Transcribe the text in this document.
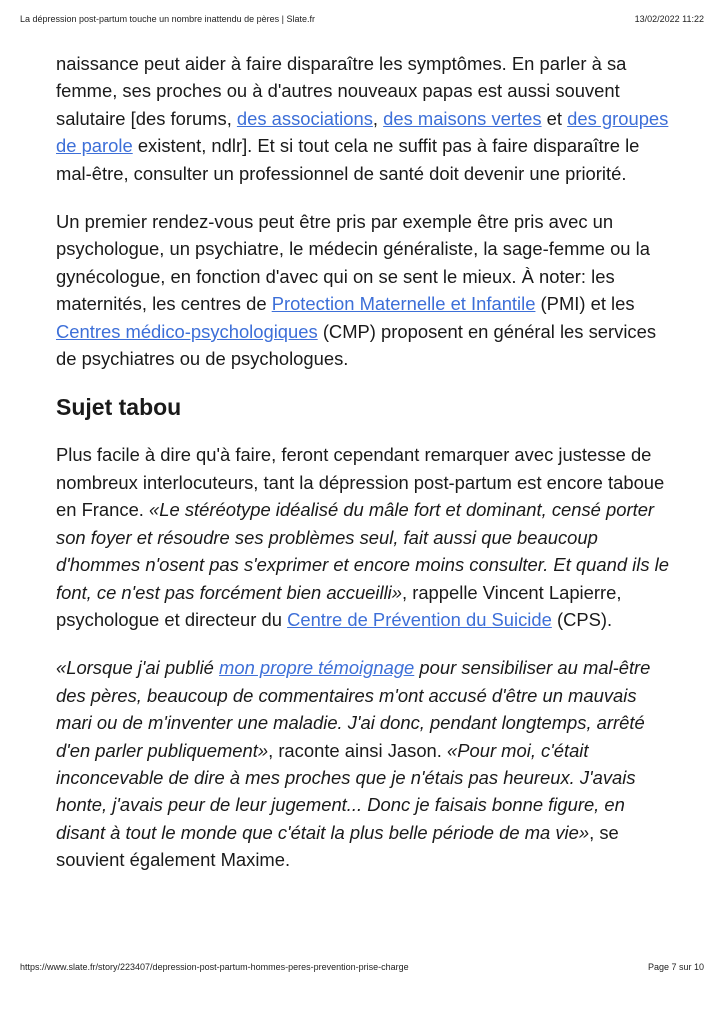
La dépression post-partum touche un nombre inattendu de pères | Slate.fr	13/02/2022 11:22

naissance peut aider à faire disparaître les symptômes. En parler à sa femme, ses proches ou à d'autres nouveaux papas est aussi souvent salutaire [des forums, des associations, des maisons vertes et des groupes de parole existent, ndlr]. Et si tout cela ne suffit pas à faire disparaître le mal-être, consulter un professionnel de santé doit devenir une priorité.

Un premier rendez-vous peut être pris par exemple être pris avec un psychologue, un psychiatre, le médecin généraliste, la sage-femme ou la gynécologue, en fonction d'avec qui on se sent le mieux. À noter: les maternités, les centres de Protection Maternelle et Infantile (PMI) et les Centres médico-psychologiques (CMP) proposent en général les services de psychiatres ou de psychologues.

Sujet tabou

Plus facile à dire qu'à faire, feront cependant remarquer avec justesse de nombreux interlocuteurs, tant la dépression post-partum est encore taboue en France. «Le stéréotype idéalisé du mâle fort et dominant, censé porter son foyer et résoudre ses problèmes seul, fait aussi que beaucoup d'hommes n'osent pas s'exprimer et encore moins consulter. Et quand ils le font, ce n'est pas forcément bien accueilli», rappelle Vincent Lapierre, psychologue et directeur du Centre de Prévention du Suicide (CPS).

«Lorsque j'ai publié mon propre témoignage pour sensibiliser au mal-être des pères, beaucoup de commentaires m'ont accusé d'être un mauvais mari ou de m'inventer une maladie. J'ai donc, pendant longtemps, arrêté d'en parler publiquement», raconte ainsi Jason. «Pour moi, c'était inconcevable de dire à mes proches que je n'étais pas heureux. J'avais honte, j'avais peur de leur jugement... Donc je faisais bonne figure, en disant à tout le monde que c'était la plus belle période de ma vie», se souvient également Maxime.

https://www.slate.fr/story/223407/depression-post-partum-hommes-peres-prevention-prise-charge	Page 7 sur 10
